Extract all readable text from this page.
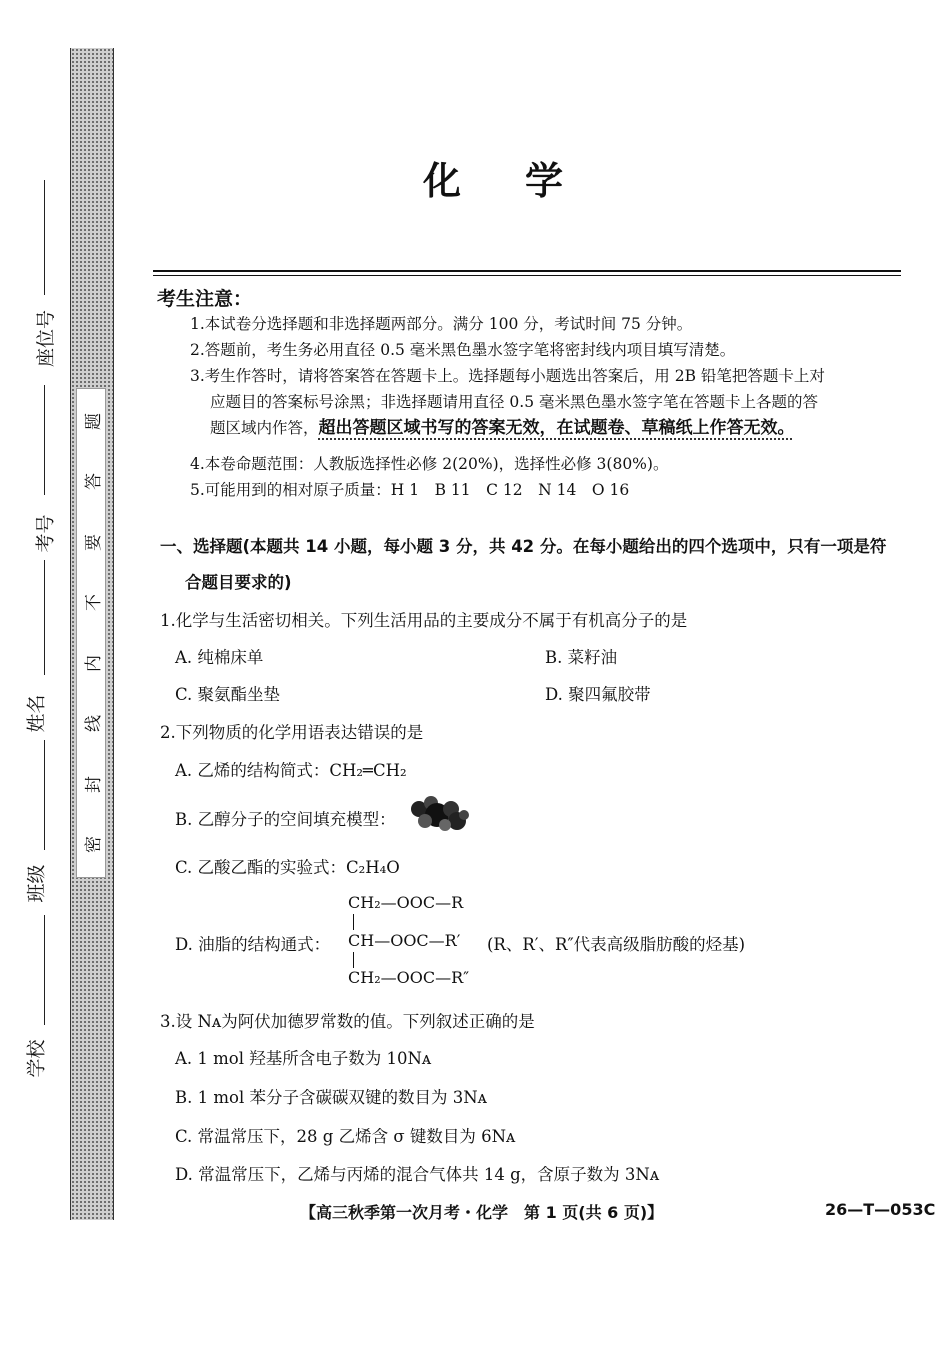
题
答
要
不
内
线
封
密
座位号
考号
姓名
班级
学校
化学
考生注意：
1.本试卷分选择题和非选择题两部分。满分 100 分，考试时间 75 分钟。
2.答题前，考生务必用直径 0.5 毫米黑色墨水签字笔将密封线内项目填写清楚。
3.考生作答时，请将答案答在答题卡上。选择题每小题选出答案后，用 2B 铅笔把答题卡上对
应题目的答案标号涂黑；非选择题请用直径 0.5 毫米黑色墨水签字笔在答题卡上各题的答
题区域内作答，超出答题区域书写的答案无效，在试题卷、草稿纸上作答无效。
4.本卷命题范围：人教版选择性必修 2(20%)，选择性必修 3(80%)。
5.可能用到的相对原子质量：H 1　B 11　C 12　N 14　O 16
一、选择题(本题共 14 小题，每小题 3 分，共 42 分。在每小题给出的四个选项中，只有一项是符
合题目要求的)
1.化学与生活密切相关。下列生活用品的主要成分不属于有机高分子的是
A. 纯棉床单	B. 菜籽油
C. 聚氨酯坐垫	D. 聚四氟胶带
2.下列物质的化学用语表达错误的是
A. 乙烯的结构简式：CH₂═CH₂
B. 乙醇分子的空间填充模型：
C. 乙酸乙酯的实验式：C₂H₄O
CH₂—OOC—R
D. 油脂的结构通式： CH—OOC—R′ (R、R′、R″代表高级脂肪酸的烃基)
CH₂—OOC—R″
3.设 Nᴀ为阿伏加德罗常数的值。下列叙述正确的是
A. 1 mol 羟基所含电子数为 10Nᴀ
B. 1 mol 苯分子含碳碳双键的数目为 3Nᴀ
C. 常温常压下，28 g 乙烯含 σ 键数目为 6Nᴀ
D. 常温常压下，乙烯与丙烯的混合气体共 14 g，含原子数为 3Nᴀ
【高三秋季第一次月考・化学　第 1 页(共 6 页)】	26—T—053C
